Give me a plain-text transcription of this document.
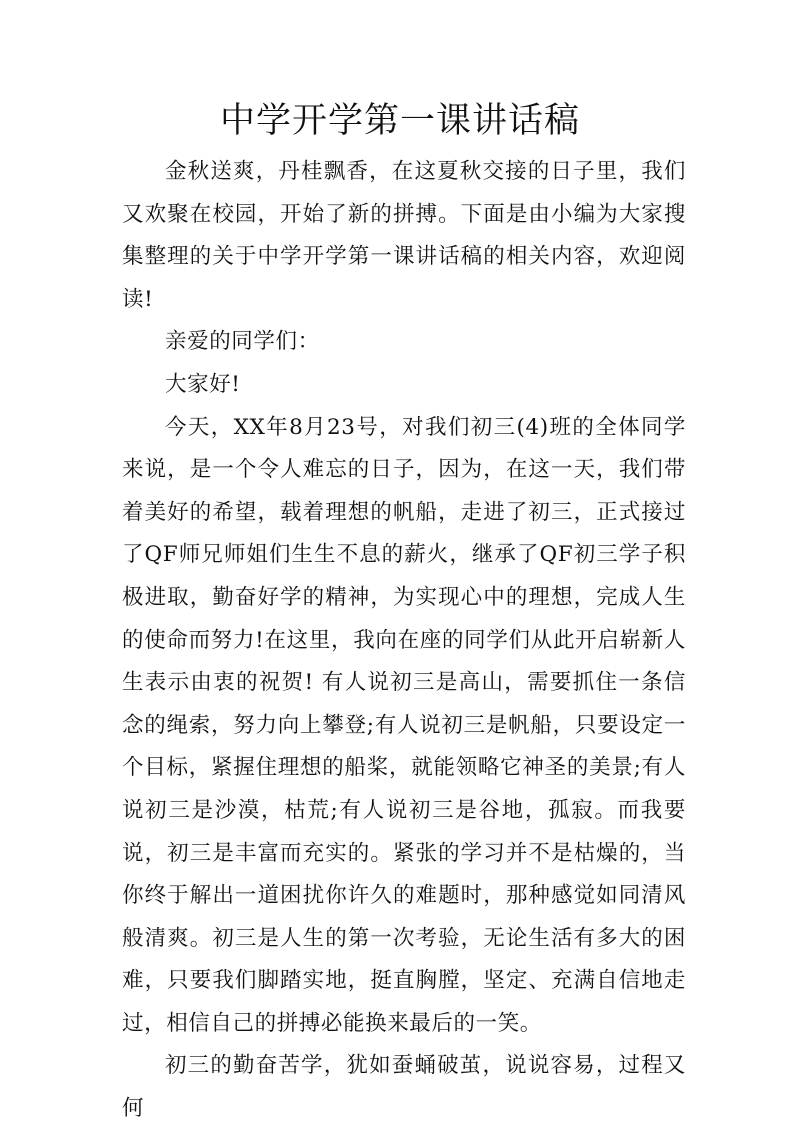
中学开学第一课讲话稿

金秋送爽，丹桂飘香，在这夏秋交接的日子里，我们又欢聚在校园，开始了新的拼搏。下面是由小编为大家搜集整理的关于中学开学第一课讲话稿的相关内容，欢迎阅读!

亲爱的同学们：

大家好!

今天，XX年8月23号，对我们初三(4)班的全体同学来说，是一个令人难忘的日子，因为，在这一天，我们带着美好的希望，载着理想的帆船，走进了初三，正式接过了QF师兄师姐们生生不息的薪火，继承了QF初三学子积极进取，勤奋好学的精神，为实现心中的理想，完成人生的使命而努力!在这里，我向在座的同学们从此开启崭新人生表示由衷的祝贺! 有人说初三是高山，需要抓住一条信念的绳索，努力向上攀登;有人说初三是帆船，只要设定一个目标，紧握住理想的船桨，就能领略它神圣的美景;有人说初三是沙漠，枯荒;有人说初三是谷地，孤寂。而我要说，初三是丰富而充实的。紧张的学习并不是枯燥的，当你终于解出一道困扰你许久的难题时，那种感觉如同清风般清爽。初三是人生的第一次考验，无论生活有多大的困难，只要我们脚踏实地，挺直胸膛，坚定、充满自信地走过，相信自己的拼搏必能换来最后的一笑。

初三的勤奋苦学，犹如蚕蛹破茧，说说容易，过程又何
